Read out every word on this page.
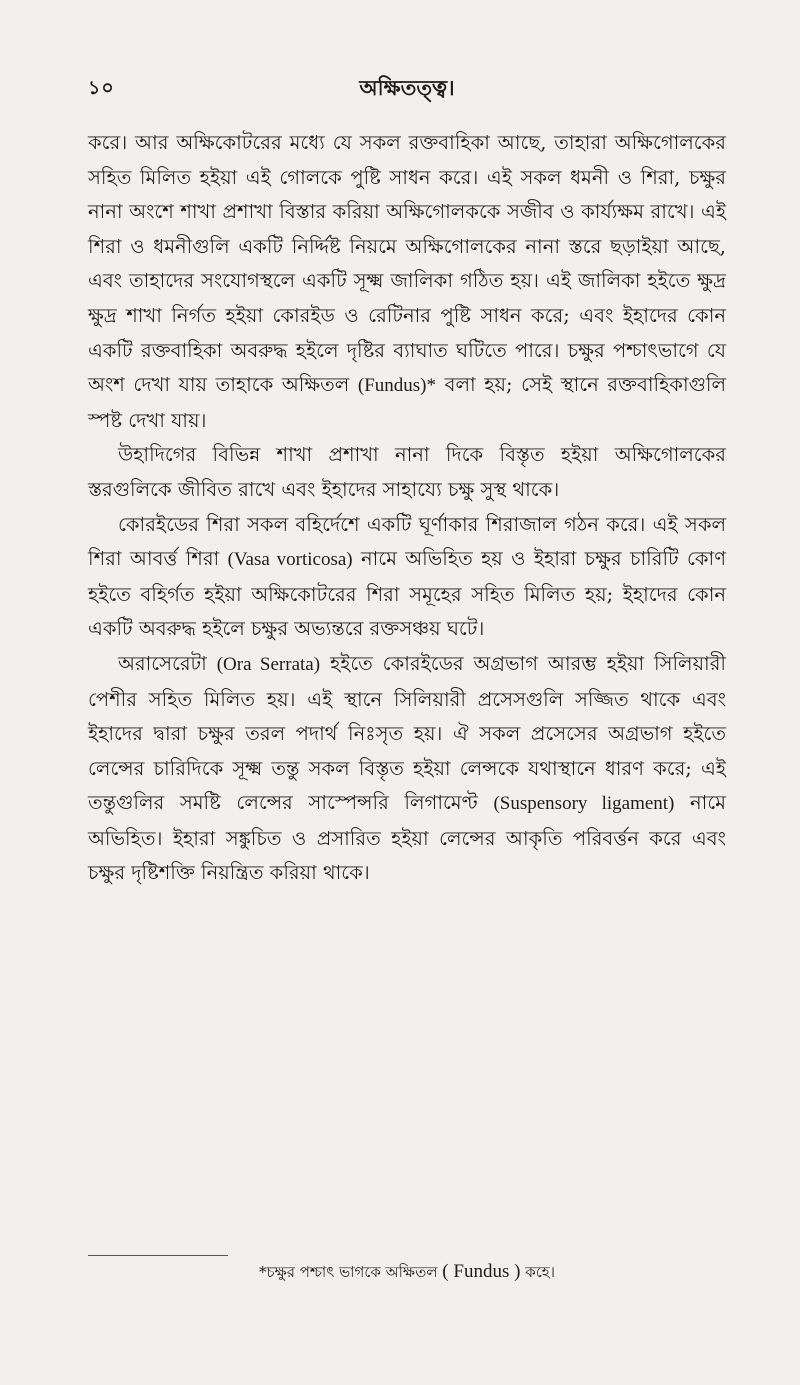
১০	অক্ষিতত্ত্ব।

করে। আর অক্ষিকোটরের মধ্যে যে সকল রক্তবাহিকা আছে, তাহারা অক্ষিগোলকের সহিত মিলিত হইয়া এই গোলকে পুষ্টি সাধন করে। এই সকল ধমনী ও শিরা, চক্ষুর নানা অংশে শাখা প্রশাখা বিস্তার করিয়া অক্ষিগোলককে সজীব ও কার্য্যক্ষম রাখে। এই শিরা ও ধমনীগুলি একটি নির্দ্দিষ্ট নিয়মে অক্ষিগোলকের নানা স্তরে ছড়াইয়া আছে, এবং তাহাদের সংযোগস্থলে একটি সূক্ষ্ম জালিকা গঠিত হয়। এই জালিকা হইতে ক্ষুদ্র ক্ষুদ্র শাখা নির্গত হইয়া কোরইড ও রেটিনার পুষ্টি সাধন করে; এবং ইহাদের কোন একটি রক্তবাহিকা অবরুদ্ধ হইলে দৃষ্টির ব্যাঘাত ঘটিতে পারে। চক্ষুর পশ্চাৎভাগে যে অংশ দেখা যায় তাহাকে অক্ষিতল (Fundus)* বলা হয়; সেই স্থানে রক্তবাহিকাগুলি স্পষ্ট দেখা যায়।

উহাদিগের বিভিন্ন শাখা প্রশাখা নানা দিকে বিস্তৃত হইয়া অক্ষিগোলকের স্তরগুলিকে জীবিত রাখে এবং ইহাদের সাহায্যে চক্ষু সুস্থ থাকে।

কোরইডের শিরা সকল বহির্দেশে একটি ঘূর্ণাকার শিরাজাল গঠন করে। এই সকল শিরা আবর্ত্ত শিরা (Vasa vorticosa) নামে অভিহিত হয় ও ইহারা চক্ষুর চারিটি কোণ হইতে বহির্গত হইয়া অক্ষিকোটরের শিরা সমূহের সহিত মিলিত হয়; ইহাদের কোন একটি অবরুদ্ধ হইলে চক্ষুর অভ্যন্তরে রক্তসঞ্চয় ঘটে।

অরাসেরেটা (Ora Serrata) হইতে কোরইডের অগ্রভাগ আরম্ভ হইয়া সিলিয়ারী পেশীর সহিত মিলিত হয়। এই স্থানে সিলিয়ারী প্রসেসগুলি সজ্জিত থাকে এবং ইহাদের দ্বারা চক্ষুর তরল পদার্থ নিঃসৃত হয়। ঐ সকল প্রসেসের অগ্রভাগ হইতে লেন্সের চারিদিকে সূক্ষ্ম তন্তু সকল বিস্তৃত হইয়া লেন্সকে যথাস্থানে ধারণ করে; এই তন্তুগুলির সমষ্টি লেন্সের সাস্পেন্সরি লিগামেণ্ট (Suspensory ligament) নামে অভিহিত। ইহারা সঙ্কুচিত ও প্রসারিত হইয়া লেন্সের আকৃতি পরিবর্ত্তন করে এবং চক্ষুর দৃষ্টিশক্তি নিয়ন্ত্রিত করিয়া থাকে।

*চক্ষুর পশ্চাৎ ভাগকে অক্ষিতল ( Fundus ) কহে।
